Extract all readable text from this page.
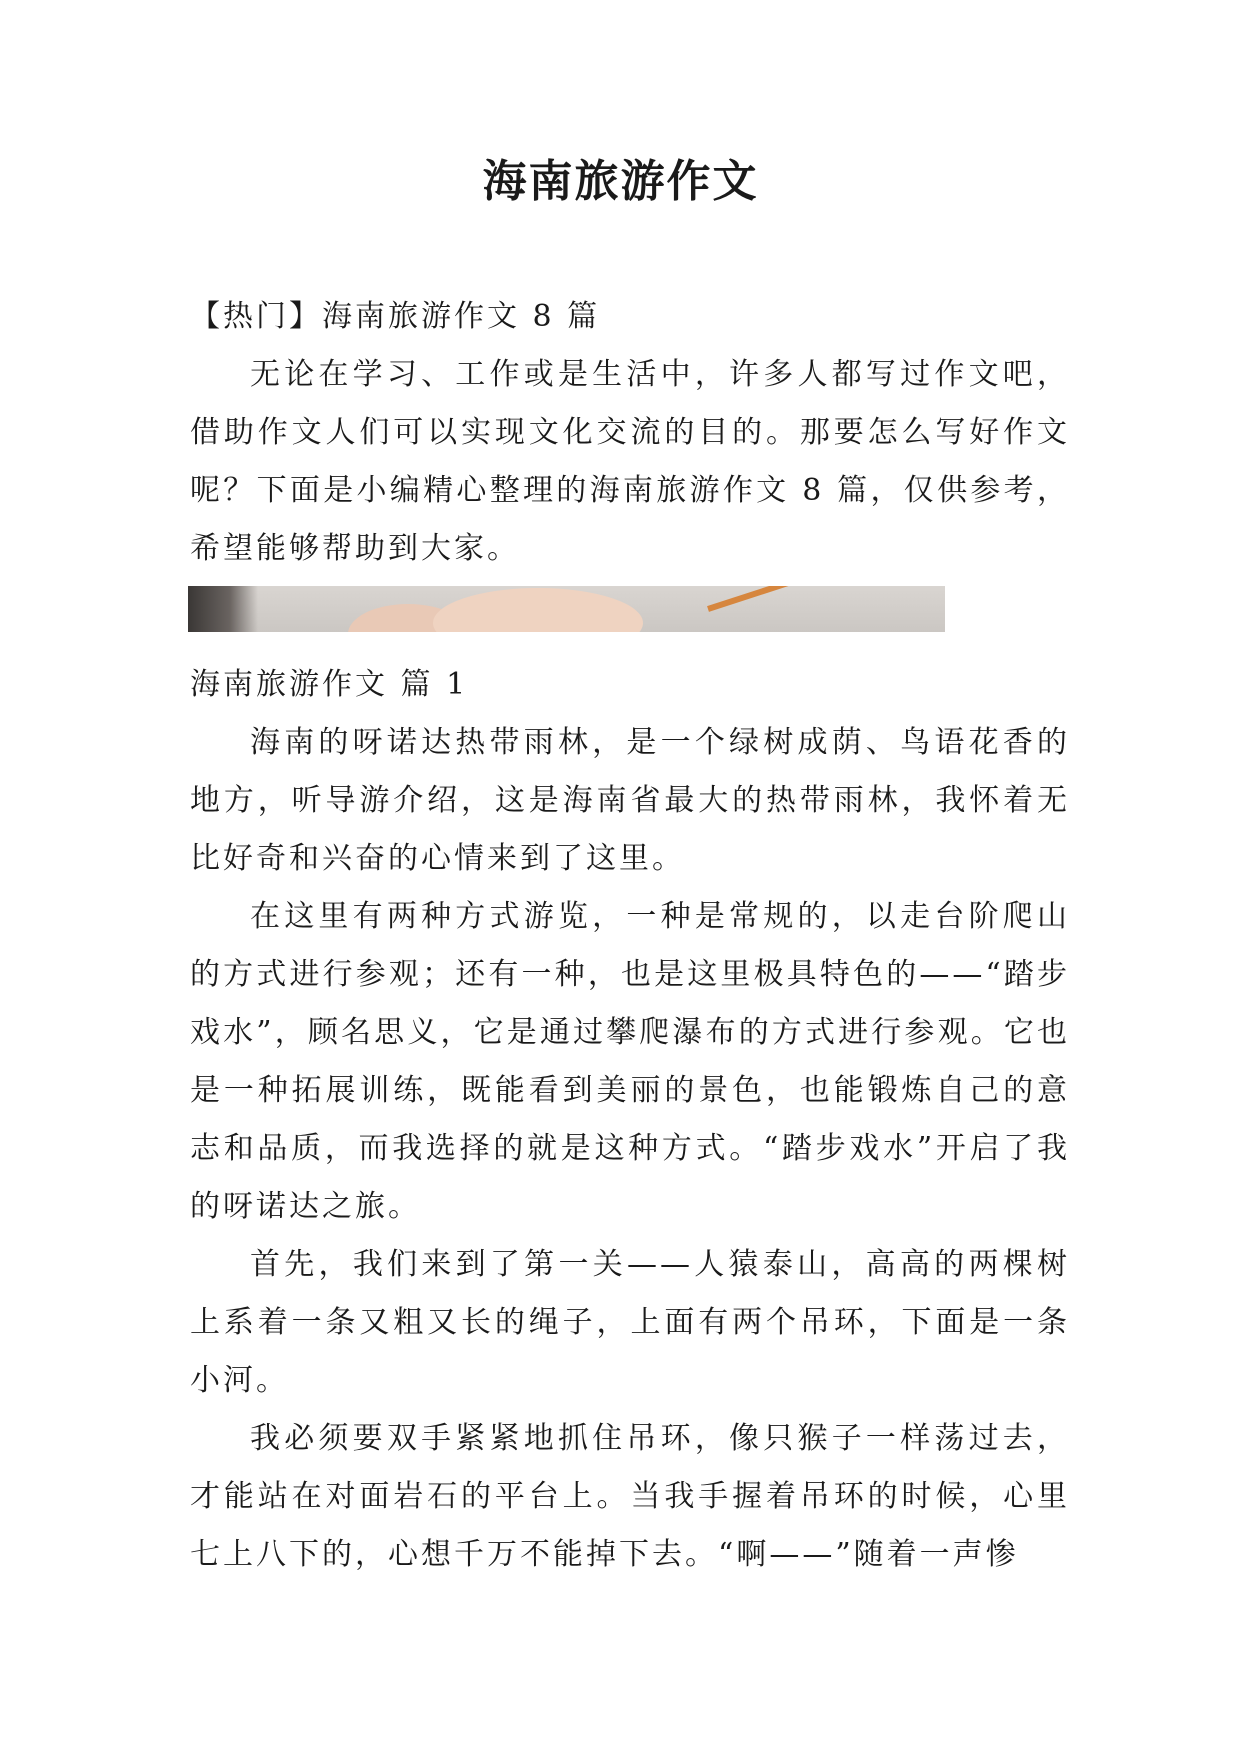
海南旅游作文

【热门】海南旅游作文 8 篇

无论在学习、工作或是生活中，许多人都写过作文吧，借助作文人们可以实现文化交流的目的。那要怎么写好作文呢？下面是小编精心整理的海南旅游作文 8 篇，仅供参考，希望能够帮助到大家。

海南旅游作文 篇 1

海南的呀诺达热带雨林，是一个绿树成荫、鸟语花香的地方，听导游介绍，这是海南省最大的热带雨林，我怀着无比好奇和兴奋的心情来到了这里。

在这里有两种方式游览，一种是常规的，以走台阶爬山的方式进行参观；还有一种，也是这里极具特色的——“踏步戏水”，顾名思义，它是通过攀爬瀑布的方式进行参观。它也是一种拓展训练，既能看到美丽的景色，也能锻炼自己的意志和品质，而我选择的就是这种方式。“踏步戏水”开启了我的呀诺达之旅。

首先，我们来到了第一关——人猿泰山，高高的两棵树上系着一条又粗又长的绳子，上面有两个吊环，下面是一条小河。

我必须要双手紧紧地抓住吊环，像只猴子一样荡过去，才能站在对面岩石的平台上。当我手握着吊环的时候，心里七上八下的，心想千万不能掉下去。“啊——”随着一声惨
